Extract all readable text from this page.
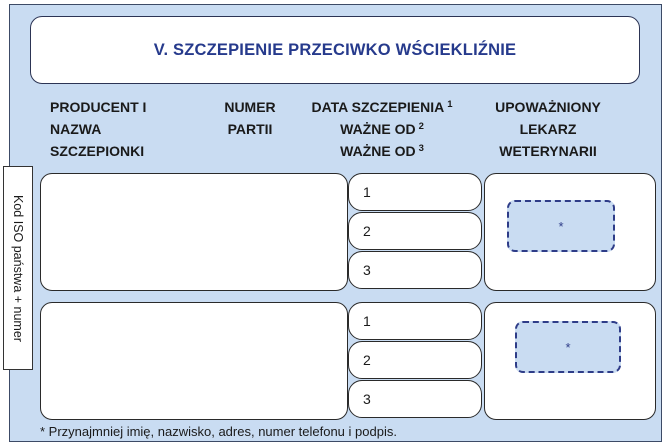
V. SZCZEPIENIE PRZECIWKO WŚCIEKLIŹNIE
PRODUCENT I
NAZWA
SZCZEPIONKI
NUMER
PARTII
DATA SZCZEPIENIA $^1$
WAŻNE OD $^2$
WAŻNE OD $^3$
UPOWAŻNIONY
LEKARZ
WETERYNARII
Kod ISO państwa + numer
1
2
3
*
1
2
3
*
* Przynajmniej imię, nazwisko, adres, numer telefonu i podpis.
